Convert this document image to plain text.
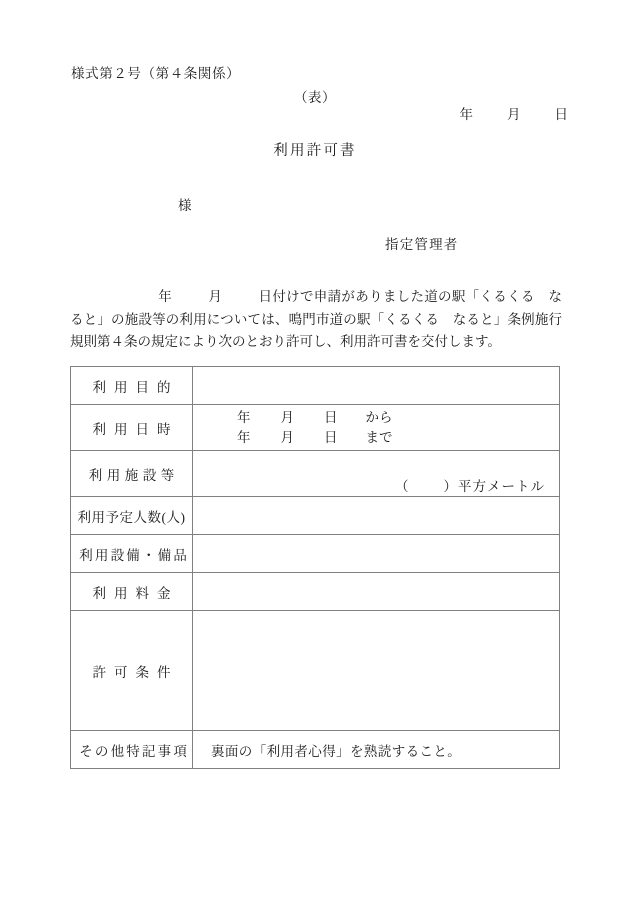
様式第２号（第４条関係）
（表）
年	月	日
利用許可書
様
指定管理者
年	月	日付けで申請がありました道の駅「くるくる　なると」の施設等の利用については、鳴門市道の駅「くるくる　なると」条例施行規則第４条の規定により次のとおり許可し、利用許可書を交付します。
利用目的	
利用日時	年 月 日 から
年 月 日 まで

利用施設等	（ ）平方メートル

利用予定人数(人)	
利用設備・備品	
利用料金	
許可条件	
その他特記事項	裏面の「利用者心得」を熟読すること。
